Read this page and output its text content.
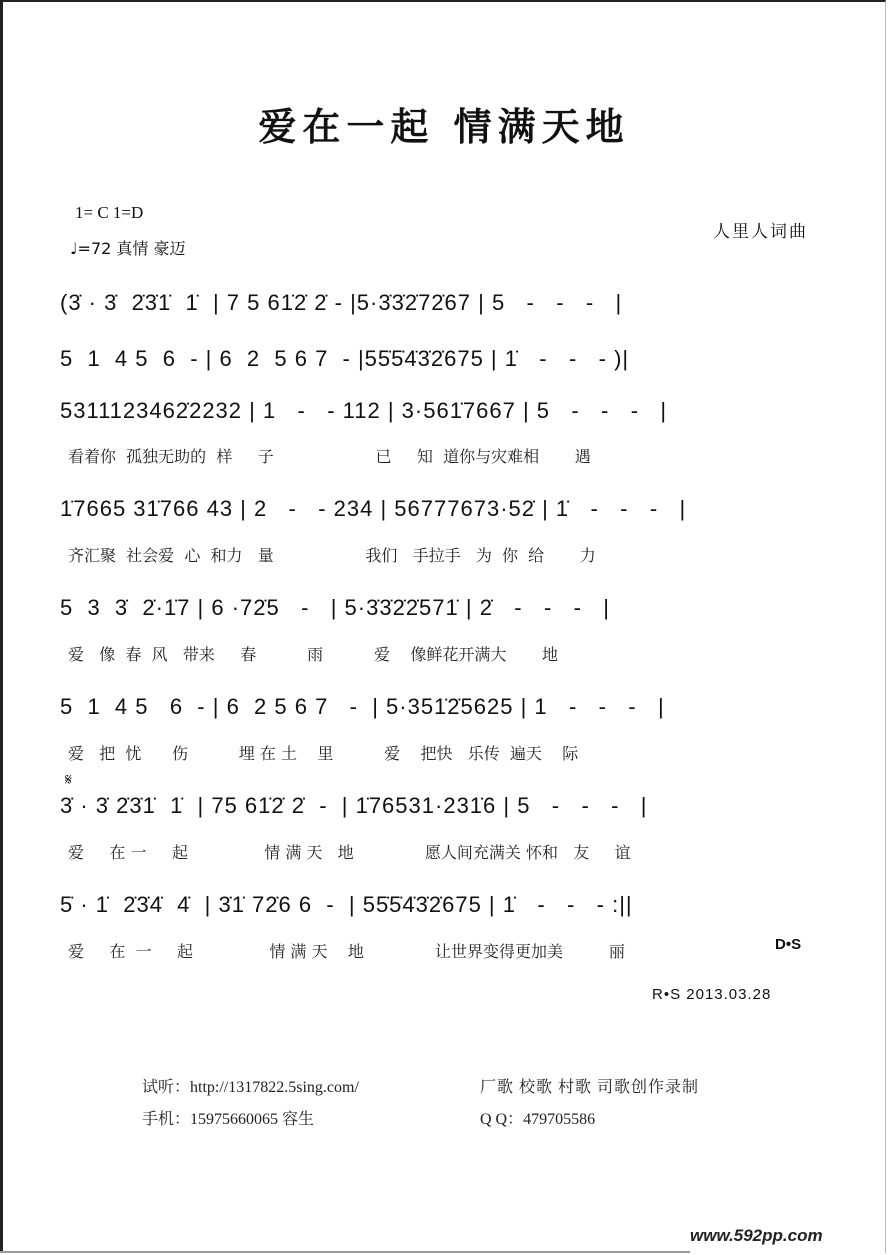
爱在一起 情满天地
1= C 1=D
♩=72 真情 豪迈
人里人词曲
(3̇ · 3̇  2̇3̇1̇  1̇  | 7 5 61̇2̇ 2̇ - |5·3̇3̇2̇72̇67 | 5   -   -   -   |
5  1  4 5  6  - | 6  2  5 6 7  - |55̇5̇4̇3̇2̇675 | 1̇   -   -   - )|
5311123462̇2232 | 1   -   - 112 | 3·561̇7667 | 5   -   -   -   |
看着你  孤独无助的  样     子                    已     知  道你与灾难相       遇
1̇7665 31̇766 43 | 2   -   - 234 | 56777673·52̇ | 1̇   -   -   -   |
齐汇聚  社会爱  心  和力   量                  我们   手拉手   为  你  给       力
5  3  3̇  2̇·1̇7 | 6 ·72̇5   -   | 5·3̇3̇2̇2̇571̇ | 2̇   -   -   -   |
爱   像  春  风   带来     春          雨          爱    像鲜花开满大       地
5  1  4 5   6  - | 6  2 5 6 7   -  | 5·351̇2̇5625 | 1   -   -   -   |
爱   把  忧      伤          埋 在 土    里          爱    把快   乐传  遍天    际
𝄋
3̇ · 3̇ 2̇3̇1̇  1̇  | 75 61̇2̇ 2̇  -  | 1̇76531·231̇6 | 5   -   -   -   |
爱     在 一     起               情 满 天   地              愿人间充满关 怀和   友     谊
5̇ · 1̇  2̇3̇4̇  4̇  | 3̇1̇ 72̇6 6  -  | 55̇5̇4̇3̇2̇675 | 1̇   -   -   - :||
爱     在  一     起               情 满 天    地              让世界变得更加美         丽	D•S
R•S 2013.03.28
试听：http://1317822.5sing.com/
手机：15975660065 容生
厂歌 校歌 村歌 司歌创作录制
Q Q：479705586
www.592pp.com
